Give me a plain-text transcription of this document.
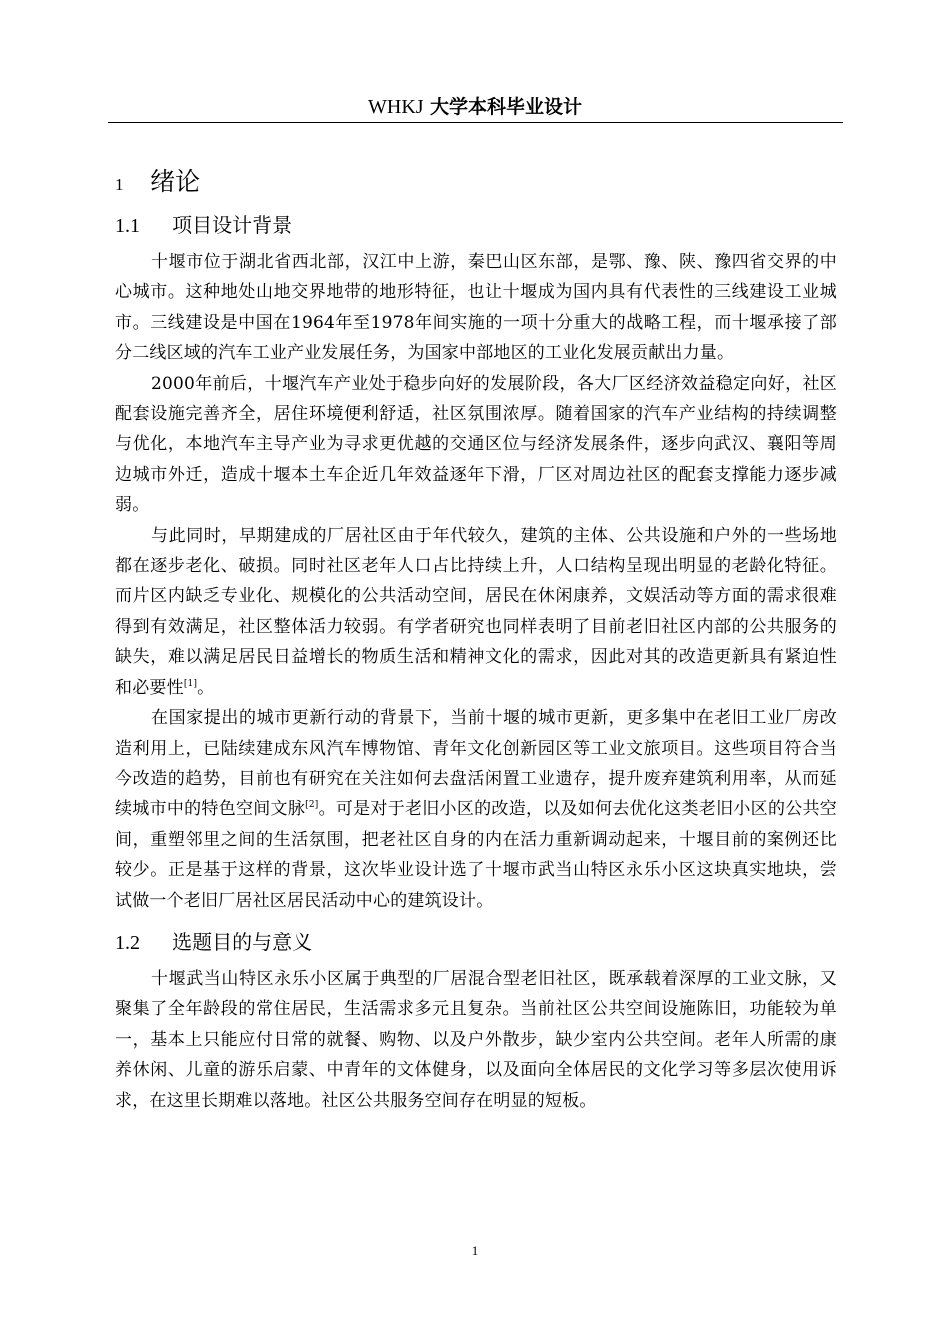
WHKJ 大学本科毕业设计
1 绪论
1.1 项目设计背景

十堰市位于湖北省西北部，汉江中上游，秦巴山区东部，是鄂、豫、陕、豫四省交界的中心城市。这种地处山地交界地带的地形特征，也让十堰成为国内具有代表性的三线建设工业城市。三线建设是中国在1964年至1978年间实施的一项十分重大的战略工程，而十堰承接了部分二线区域的汽车工业产业发展任务，为国家中部地区的工业化发展贡献出力量。

2000年前后，十堰汽车产业处于稳步向好的发展阶段，各大厂区经济效益稳定向好，社区配套设施完善齐全，居住环境便利舒适，社区氛围浓厚。随着国家的汽车产业结构的持续调整与优化，本地汽车主导产业为寻求更优越的交通区位与经济发展条件，逐步向武汉、襄阳等周边城市外迁，造成十堰本土车企近几年效益逐年下滑，厂区对周边社区的配套支撑能力逐步减弱。

与此同时，早期建成的厂居社区由于年代较久，建筑的主体、公共设施和户外的一些场地都在逐步老化、破损。同时社区老年人口占比持续上升，人口结构呈现出明显的老龄化特征。而片区内缺乏专业化、规模化的公共活动空间，居民在休闲康养，文娱活动等方面的需求很难得到有效满足，社区整体活力较弱。有学者研究也同样表明了目前老旧社区内部的公共服务的缺失，难以满足居民日益增长的物质生活和精神文化的需求，因此对其的改造更新具有紧迫性和必要性[1]。

在国家提出的城市更新行动的背景下，当前十堰的城市更新，更多集中在老旧工业厂房改造利用上，已陆续建成东风汽车博物馆、青年文化创新园区等工业文旅项目。这些项目符合当今改造的趋势，目前也有研究在关注如何去盘活闲置工业遗存，提升废弃建筑利用率，从而延续城市中的特色空间文脉[2]。可是对于老旧小区的改造，以及如何去优化这类老旧小区的公共空间，重塑邻里之间的生活氛围，把老社区自身的内在活力重新调动起来，十堰目前的案例还比较少。正是基于这样的背景，这次毕业设计选了十堰市武当山特区永乐小区这块真实地块，尝试做一个老旧厂居社区居民活动中心的建筑设计。

1.2 选题目的与意义

十堰武当山特区永乐小区属于典型的厂居混合型老旧社区，既承载着深厚的工业文脉，又聚集了全年龄段的常住居民，生活需求多元且复杂。当前社区公共空间设施陈旧，功能较为单一，基本上只能应付日常的就餐、购物、以及户外散步，缺少室内公共空间。老年人所需的康养休闲、儿童的游乐启蒙、中青年的文体健身，以及面向全体居民的文化学习等多层次使用诉求，在这里长期难以落地。社区公共服务空间存在明显的短板。

1
